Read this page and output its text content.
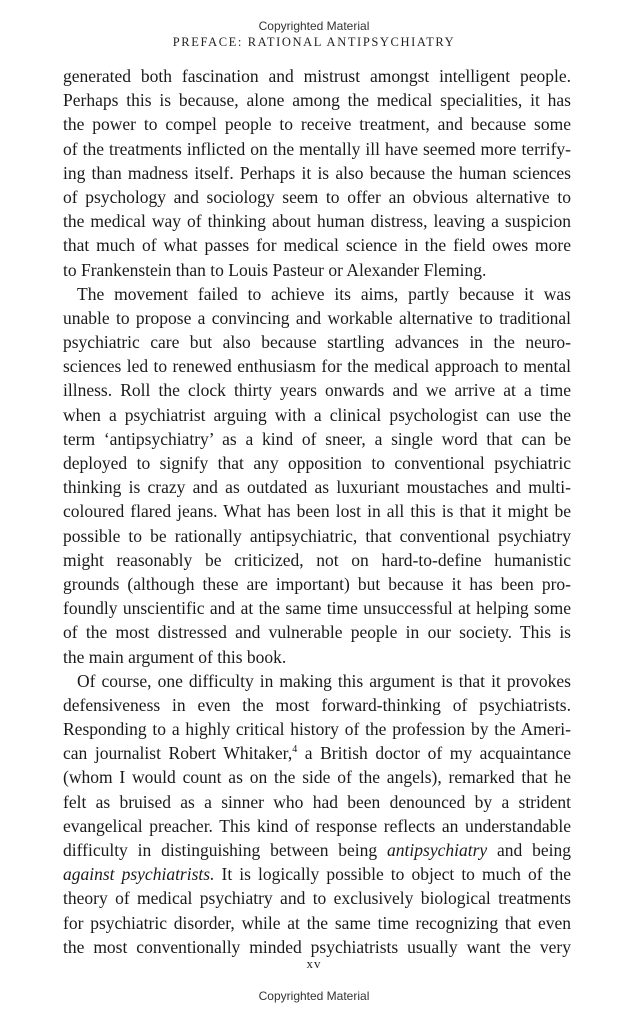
Copyrighted Material
PREFACE: RATIONAL ANTIPSYCHIATRY
generated both fascination and mistrust amongst intelligent people.
Perhaps this is because, alone among the medical specialities, it has
the power to compel people to receive treatment, and because some
of the treatments inflicted on the mentally ill have seemed more terrify-
ing than madness itself. Perhaps it is also because the human sciences
of psychology and sociology seem to offer an obvious alternative to
the medical way of thinking about human distress, leaving a suspicion
that much of what passes for medical science in the field owes more
to Frankenstein than to Louis Pasteur or Alexander Fleming.
The movement failed to achieve its aims, partly because it was
unable to propose a convincing and workable alternative to traditional
psychiatric care but also because startling advances in the neuro-
sciences led to renewed enthusiasm for the medical approach to mental
illness. Roll the clock thirty years onwards and we arrive at a time
when a psychiatrist arguing with a clinical psychologist can use the
term ‘antipsychiatry’ as a kind of sneer, a single word that can be
deployed to signify that any opposition to conventional psychiatric
thinking is crazy and as outdated as luxuriant moustaches and multi-
coloured flared jeans. What has been lost in all this is that it might be
possible to be rationally antipsychiatric, that conventional psychiatry
might reasonably be criticized, not on hard-to-define humanistic
grounds (although these are important) but because it has been pro-
foundly unscientific and at the same time unsuccessful at helping some
of the most distressed and vulnerable people in our society. This is
the main argument of this book.
Of course, one difficulty in making this argument is that it provokes
defensiveness in even the most forward-thinking of psychiatrists.
Responding to a highly critical history of the profession by the Ameri-
can journalist Robert Whitaker,$^4$ a British doctor of my acquaintance
(whom I would count as on the side of the angels), remarked that he
felt as bruised as a sinner who had been denounced by a strident
evangelical preacher. This kind of response reflects an understandable
difficulty in distinguishing between being antipsychiatry and being
against psychiatrists. It is logically possible to object to much of the
theory of medical psychiatry and to exclusively biological treatments
for psychiatric disorder, while at the same time recognizing that even
the most conventionally minded psychiatrists usually want the very
xv
Copyrighted Material
